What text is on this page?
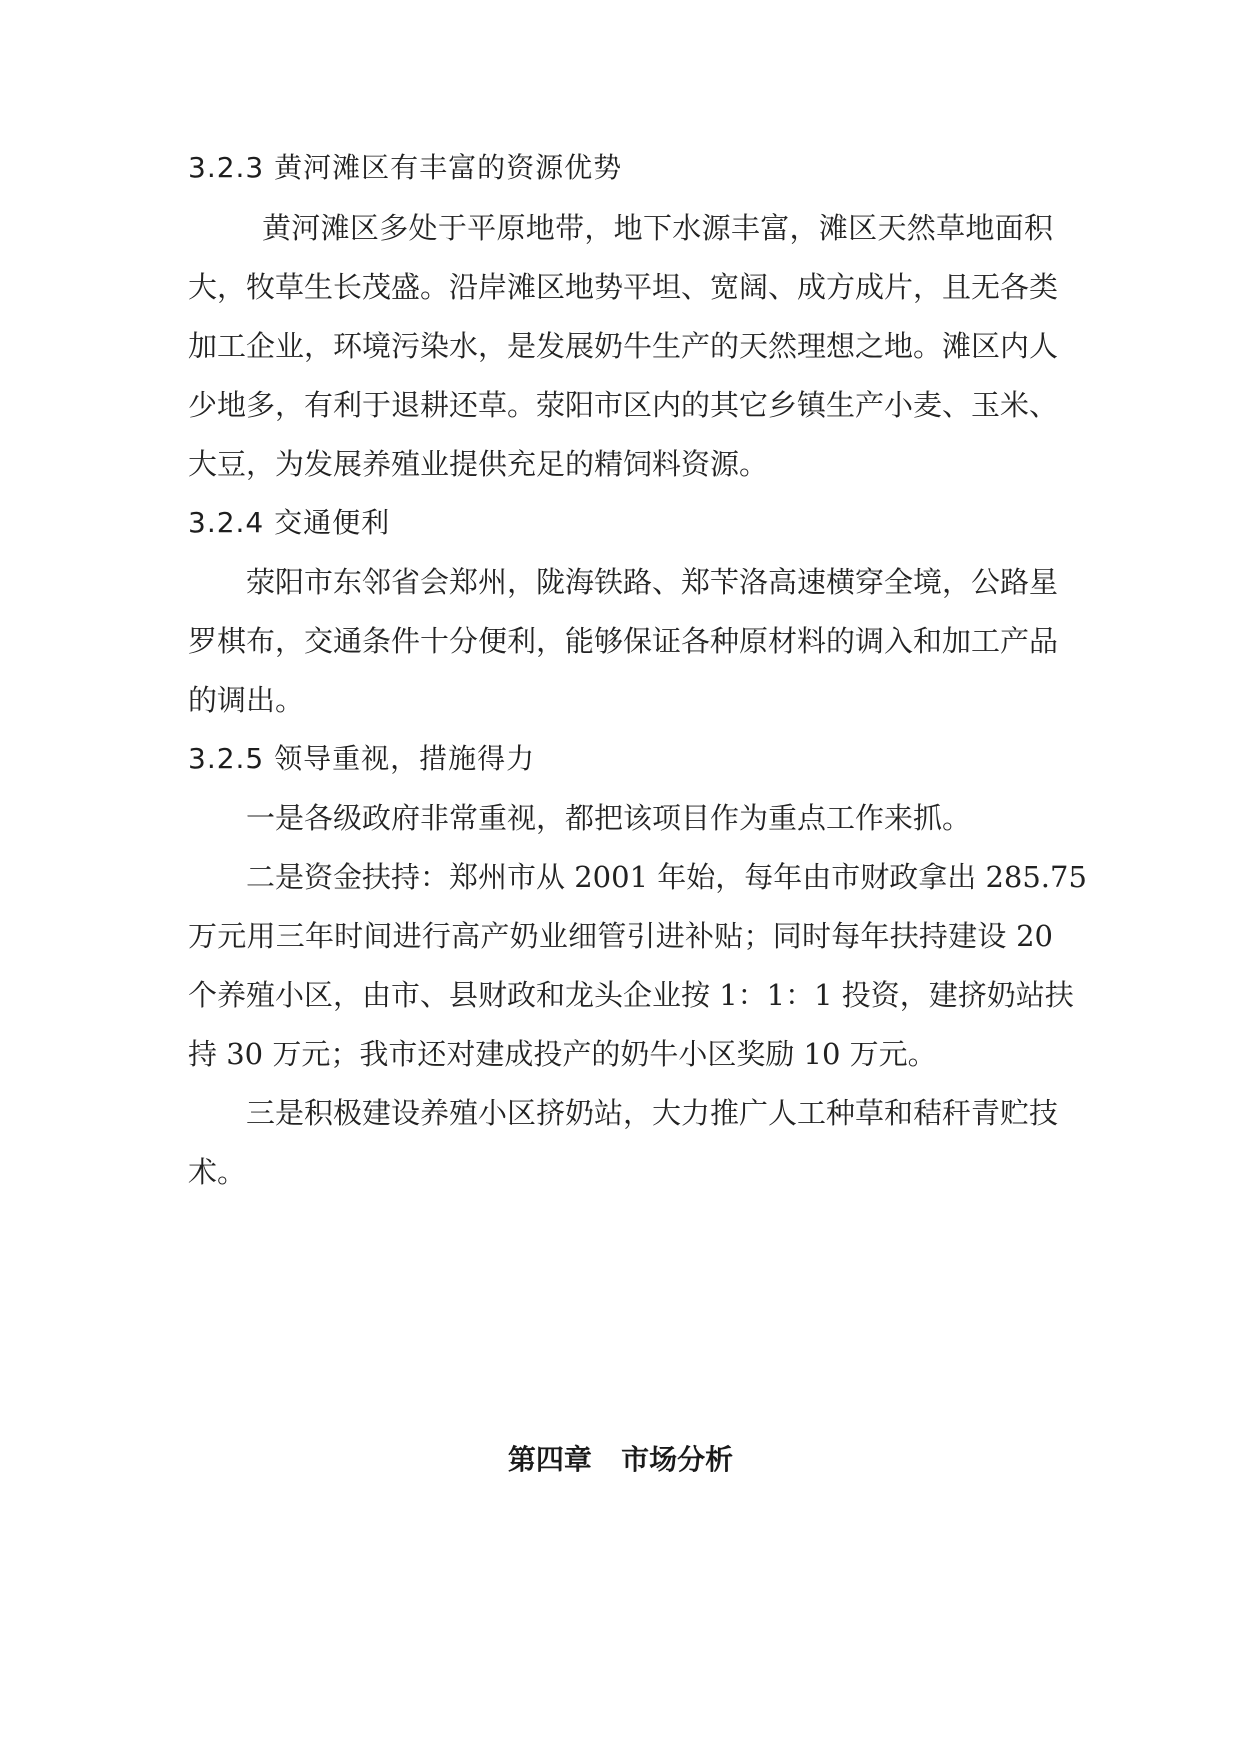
3.2.3 黄河滩区有丰富的资源优势
黄河滩区多处于平原地带，地下水源丰富，滩区天然草地面积
大，牧草生长茂盛。沿岸滩区地势平坦、宽阔、成方成片，且无各类
加工企业，环境污染水，是发展奶牛生产的天然理想之地。滩区内人
少地多，有利于退耕还草。荥阳市区内的其它乡镇生产小麦、玉米、
大豆，为发展养殖业提供充足的精饲料资源。
3.2.4 交通便利
荥阳市东邻省会郑州，陇海铁路、郑苄洛高速横穿全境，公路星
罗棋布，交通条件十分便利，能够保证各种原材料的调入和加工产品
的调出。
3.2.5 领导重视，措施得力
一是各级政府非常重视，都把该项目作为重点工作来抓。
二是资金扶持：郑州市从 2001 年始，每年由市财政拿出 285.75
万元用三年时间进行高产奶业细管引进补贴；同时每年扶持建设 20
个养殖小区，由市、县财政和龙头企业按 1：1：1 投资，建挤奶站扶
持 30 万元；我市还对建成投产的奶牛小区奖励 10 万元。
三是积极建设养殖小区挤奶站，大力推广人工种草和秸秆青贮技
术。
第四章   市场分析
